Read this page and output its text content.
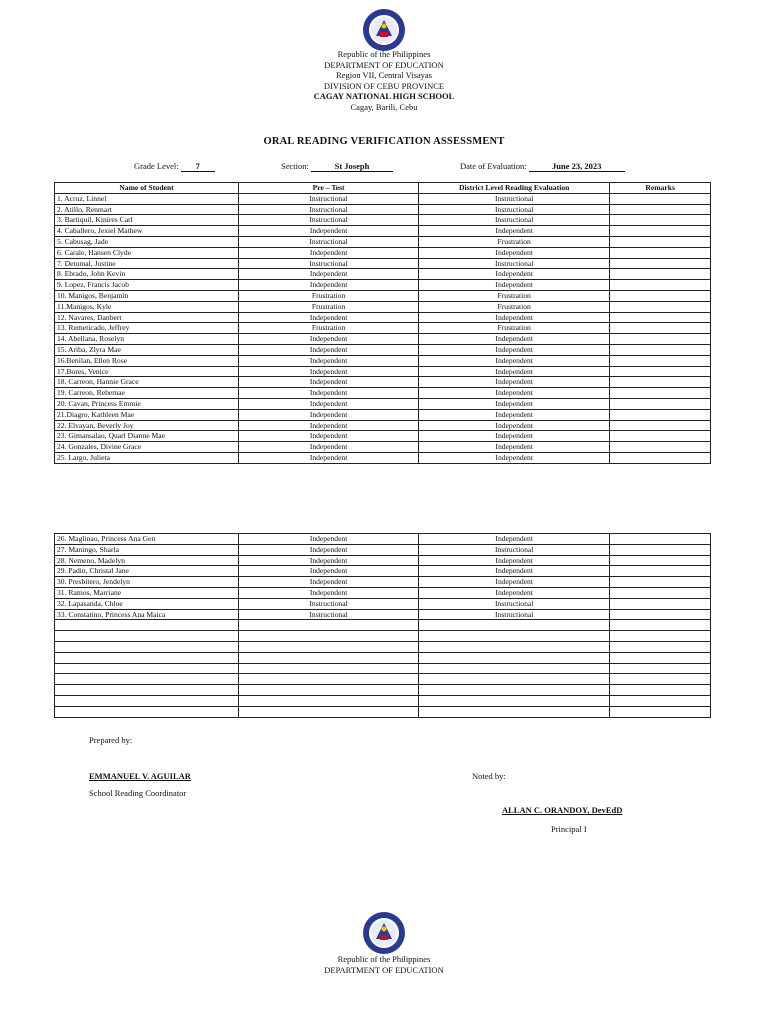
Republic of the Philippines
DEPARTMENT OF EDUCATION
Region VII, Central Visayas
DIVISION OF CEBU PROVINCE
CAGAY NATIONAL HIGH SCHOOL
Cagay, Barili, Cebu
ORAL READING VERIFICATION ASSESSMENT
Grade Level: 7	Section:	St Joseph	Date of Evaluation:	June 23, 2023
Name of Student	Pre – Test	District Level Reading Evaluation	Remarks
1. Acruz, Linnel	Instructional	Instructional	
2. Atillo, Renmart	Instructional	Instructional	
3. Bartiquil, Kinires Carl	Instructional	Instructional	
4. Caballero, Jexiel Mathew	Independent	Independent	
5. Cabusag, Jade	Instructional	Frustration	
6. Carale, Hansen Clyde	Independent	Independent	
7. Detumal, Justine	Instructional	Instructional	
8. Ebrado, John Kevin	Independent	Independent	
9. Lopez, Francis Jacob	Independent	Independent	
10. Manigos, Benjamin	Frustration	Frustration	
11.Manigos, Kyle	Frustration	Frustration	
12. Navares, Danbert	Independent	Independent	
13. Remeticado, Jeffrey	Frustration	Frustration	
14. Abellana, Roselyn	Independent	Independent	
15. Ariba, Zlyra Mae	Independent	Independent	
16.Benilan, Ellen Rose	Independent	Independent	
17.Bores, Venice	Independent	Independent	
18. Carreon, Hannie Grace	Independent	Independent	
19. Carreon, Rebemae	Independent	Independent	
20. Cavan, Princess Emmie	Independent	Independent	
21.Diagro, Kathleen Mae	Independent	Independent	
22. Elvayan, Beverly Joy	Independent	Independent	
23. Gimansalao, Quarl Dianne Mae	Independent	Independent	
24. Gonzales, Divine Grace	Independent	Independent	
25. Largo, Julieta	Independent	Independent	
26. Maglinao, Princess Ana Gen	Independent	Independent	
27. Maningo, Sharla	Independent	Instructional	
28. Nemeno, Madelyn	Independent	Independent	
29. Padin, Christal Jane	Independent	Independent	
30. Presbitero, Jendelyn	Independent	Independent	
31. Ramos, Marriane	Independent	Independent	
32. Lapasanda, Chloe	Instructional	Instructional	
33. Constatino, Princess Ana Maica	Instructional	Instructional	

Prepared by:
EMMANUEL V. AGUILAR
School Reading Coordinator
Noted by:
ALLAN C. ORANDOY, DevEdD
Principal I
Republic of the Philippines
DEPARTMENT OF EDUCATION
